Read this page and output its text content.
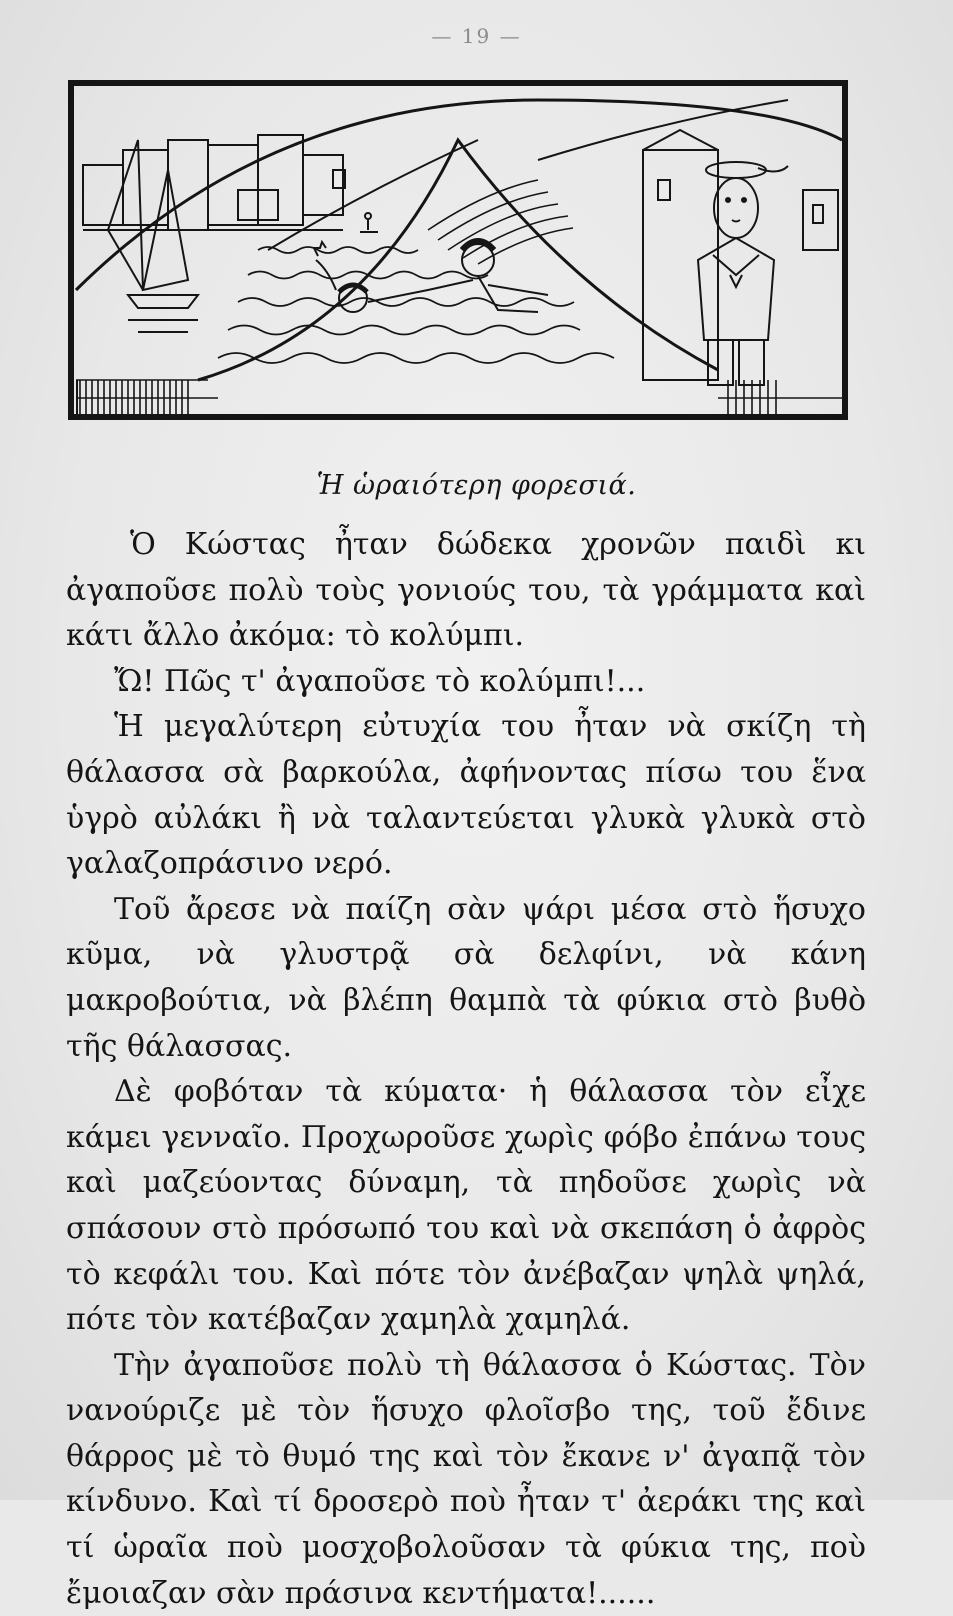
— 19 —
Ἡ ὡραιότερη φορεσιά.

Ὁ Κώστας ἦταν δώδεκα χρονῶν παιδὶ κι ἀγαποῦσε πολὺ τοὺς γονιούς του, τὰ γράμματα καὶ κάτι ἄλλο ἀκόμα: τὸ κολύμπι.

Ὤ! Πῶς τ' ἀγαποῦσε τὸ κολύμπι!...

Ἡ μεγαλύτερη εὐτυχία του ἦταν νὰ σκίζη τὴ θάλασσα σὰ βαρκούλα, ἀφήνοντας πίσω του ἕνα ὑγρὸ αὐλάκι ἢ νὰ ταλαντεύεται γλυκὰ γλυκὰ στὸ γαλαζοπράσινο νερό.

Τοῦ ἄρεσε νὰ παίζη σὰν ψάρι μέσα στὸ ἥσυχο κῦμα, νὰ γλυστρᾷ σὰ δελφίνι, νὰ κάνη μακροβούτια, νὰ βλέπη θαμπὰ τὰ φύκια στὸ βυθὸ τῆς θάλασσας.

Δὲ φοβόταν τὰ κύματα· ἡ θάλασσα τὸν εἶχε κάμει γενναῖο. Προχωροῦσε χωρὶς φόβο ἐπάνω τους καὶ μαζεύοντας δύναμη, τὰ πηδοῦσε χωρὶς νὰ σπάσουν στὸ πρόσωπό του καὶ νὰ σκεπάση ὁ ἀφρὸς τὸ κεφάλι του. Καὶ πότε τὸν ἀνέβαζαν ψηλὰ ψηλά, πότε τὸν κατέβαζαν χαμηλὰ χαμηλά.

Τὴν ἀγαποῦσε πολὺ τὴ θάλασσα ὁ Κώστας. Τὸν νανούριζε μὲ τὸν ἥσυχο φλοῖσβο της, τοῦ ἔδινε θάρρος μὲ τὸ θυμό της καὶ τὸν ἔκανε ν' ἀγαπᾷ τὸν κίνδυνο. Καὶ τί δροσερὸ ποὺ ἦταν τ' ἀεράκι της καὶ τί ὡραῖα ποὺ μοσχοβολοῦσαν τὰ φύκια της, ποὺ ἔμοιαζαν σὰν πράσινα κεντήματα!......
